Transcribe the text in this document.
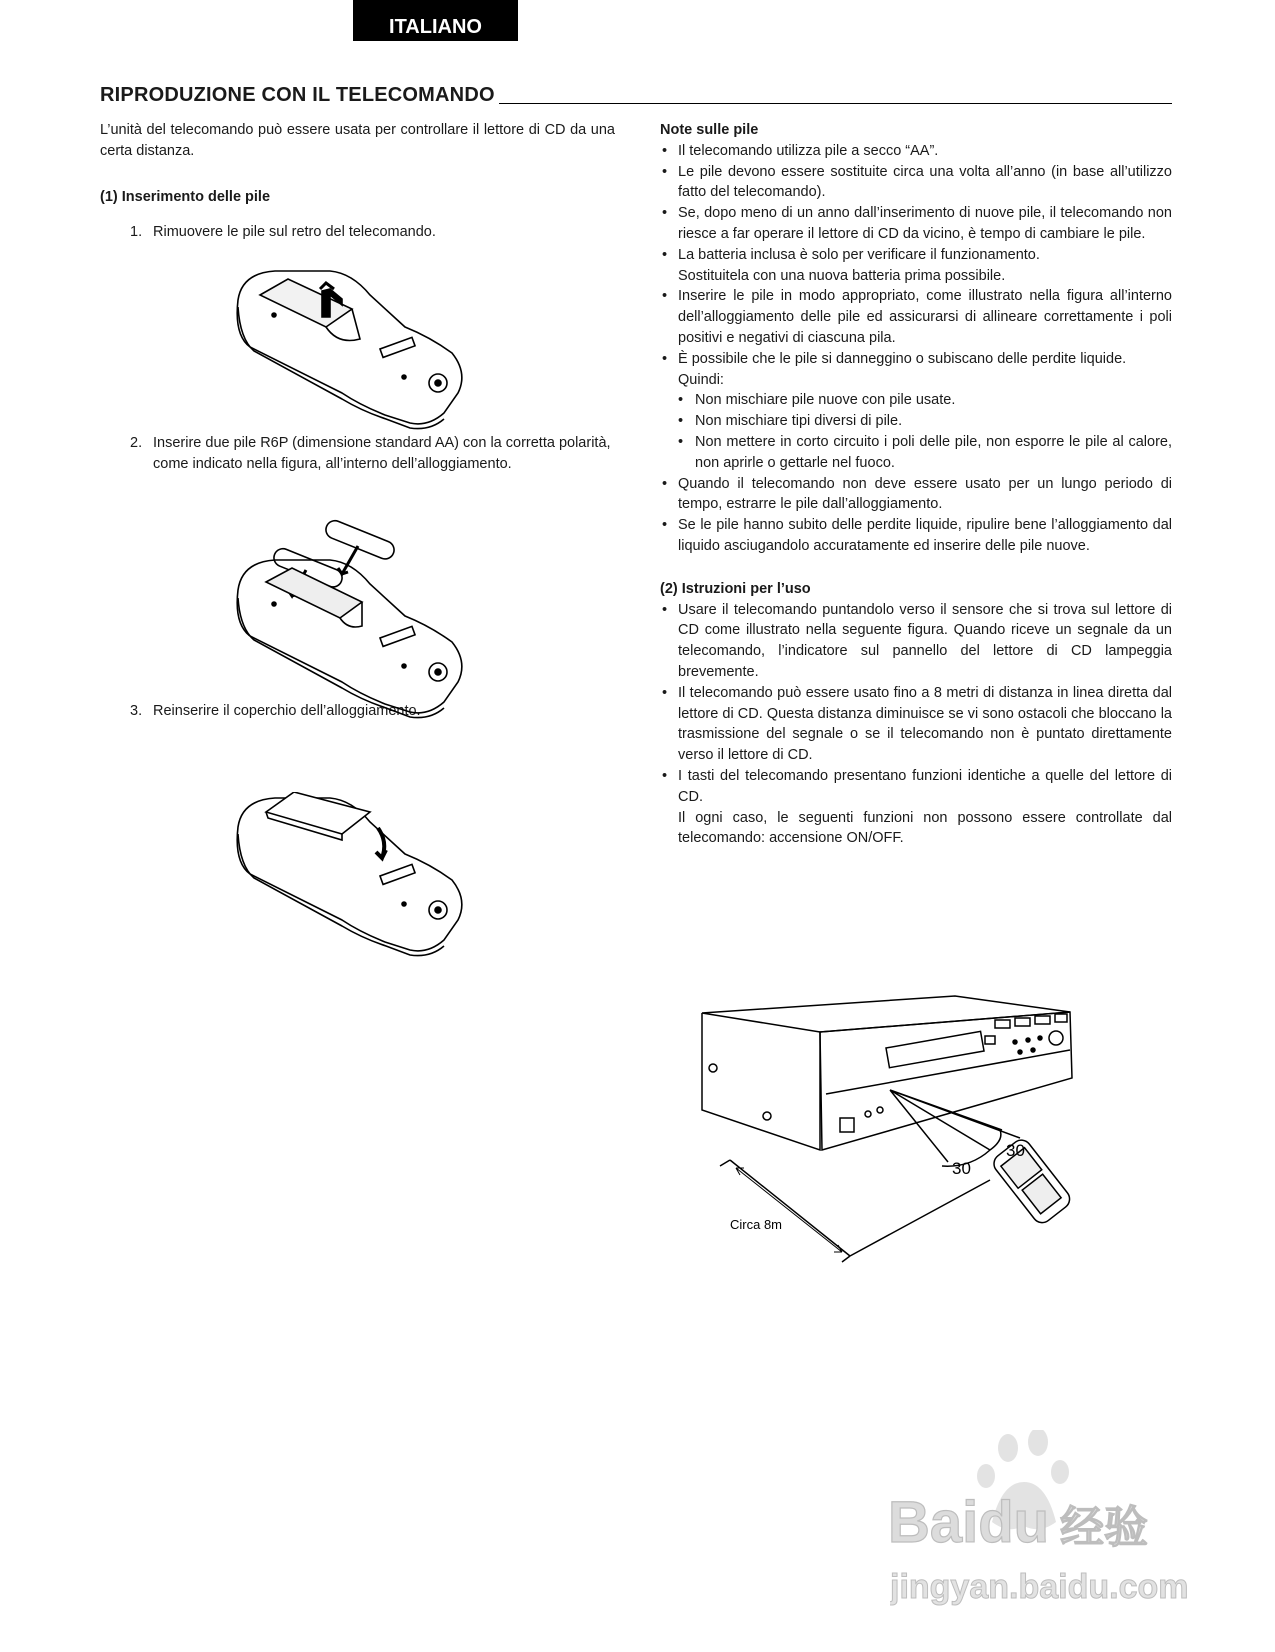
ITALIANO
RIPRODUZIONE CON IL TELECOMANDO

L’unità del telecomando può essere usata per controllare il lettore di CD da una certa distanza.

(1) Inserimento delle pile
1. Rimuovere le pile sul retro del telecomando.
2. Inserire due pile R6P (dimensione standard AA) con la corretta polarità, come indicato nella figura, all’interno dell’alloggiamento.
3. Reinserire il coperchio dell’alloggiamento.
Note sulle pile
• Il telecomando utilizza pile a secco “AA”.
• Le pile devono essere sostituite circa una volta all’anno (in base all’utilizzo fatto del telecomando).
• Se, dopo meno di un anno dall’inserimento di nuove pile, il telecomando non riesce a far operare il lettore di CD da vicino, è tempo di cambiare le pile.
• La batteria inclusa è solo per verificare il funzionamento.
Sostituitela con una nuova batteria prima possibile.
• Inserire le pile in modo appropriato, come illustrato nella figura all’interno dell’alloggiamento delle pile ed assicurarsi di allineare correttamente i poli positivi e negativi di ciascuna pila.
• È possibile che le pile si danneggino o subiscano delle perdite liquide.
Quindi:
• Non mischiare pile nuove con pile usate.
• Non mischiare tipi diversi di pile.
• Non mettere in corto circuito i poli delle pile, non esporre le pile al calore, non aprirle o gettarle nel fuoco.
• Quando il telecomando non deve essere usato per un lungo periodo di tempo, estrarre le pile dall’alloggiamento.
• Se le pile hanno subito delle perdite liquide, ripulire bene l’alloggiamento dal liquido asciugandolo accuratamente ed inserire delle pile nuove.
(2) Istruzioni per l’uso
• Usare il telecomando puntandolo verso il sensore che si trova sul lettore di CD come illustrato nella seguente figura. Quando riceve un segnale da un telecomando, l’indicatore sul pannello del lettore di CD lampeggia brevemente.
• Il telecomando può essere usato fino a 8 metri di distanza in linea diretta dal lettore di CD. Questa distanza diminuisce se vi sono ostacoli che bloccano la trasmissione del segnale o se il telecomando non è puntato direttamente verso il lettore di CD.
• I tasti del telecomando presentano funzioni identiche a quelle del lettore di CD.
Il ogni caso, le seguenti funzioni non possono essere controllate dal telecomando: accensione ON/OFF.
30
30
Circa 8m
Baidu 经验
jingyan.baidu.com
